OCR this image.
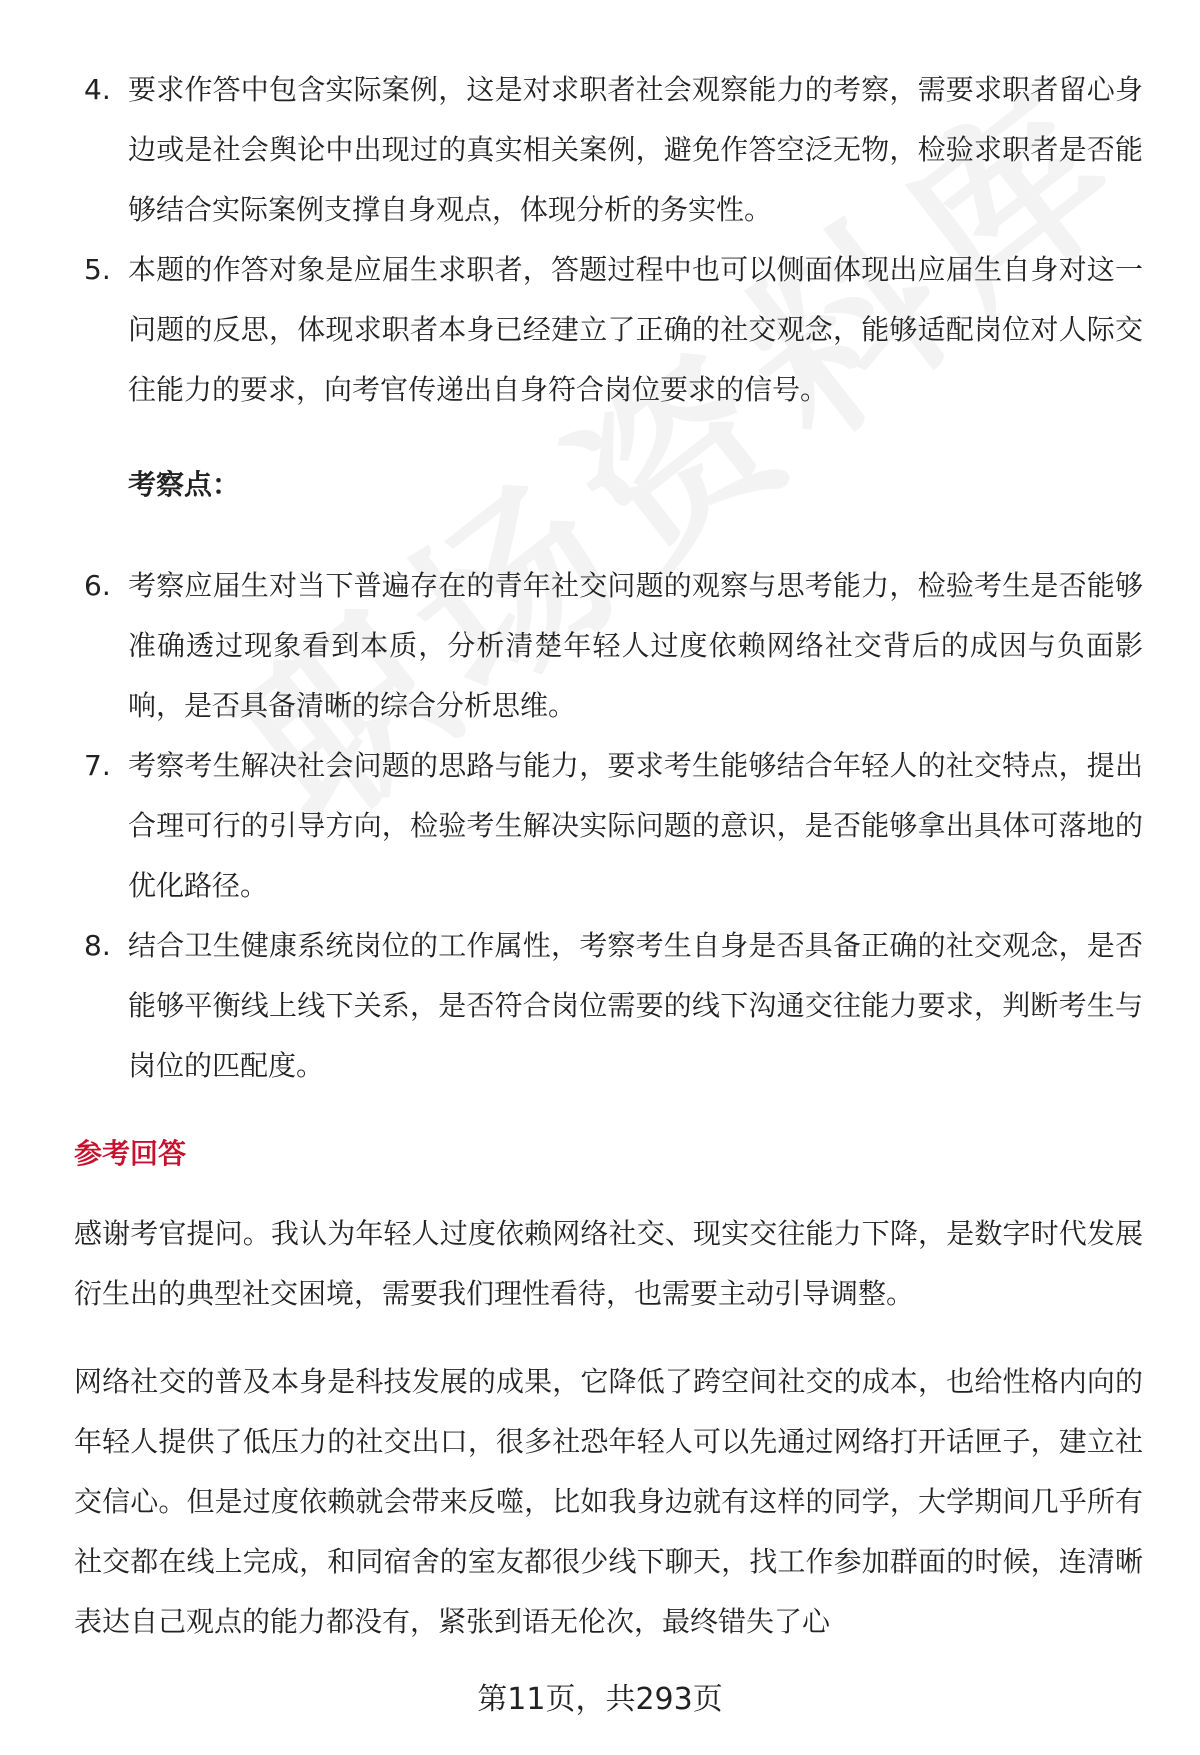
4. 要求作答中包含实际案例，这是对求职者社会观察能力的考察，需要求职者留心身边或是社会舆论中出现过的真实相关案例，避免作答空泛无物，检验求职者是否能够结合实际案例支撑自身观点，体现分析的务实性。
5. 本题的作答对象是应届生求职者，答题过程中也可以侧面体现出应届生自身对这一问题的反思，体现求职者本身已经建立了正确的社交观念，能够适配岗位对人际交往能力的要求，向考官传递出自身符合岗位要求的信号。
考察点：
6. 考察应届生对当下普遍存在的青年社交问题的观察与思考能力，检验考生是否能够准确透过现象看到本质，分析清楚年轻人过度依赖网络社交背后的成因与负面影响，是否具备清晰的综合分析思维。
7. 考察考生解决社会问题的思路与能力，要求考生能够结合年轻人的社交特点，提出合理可行的引导方向，检验考生解决实际问题的意识，是否能够拿出具体可落地的优化路径。
8. 结合卫生健康系统岗位的工作属性，考察考生自身是否具备正确的社交观念，是否能够平衡线上线下关系，是否符合岗位需要的线下沟通交往能力要求，判断考生与岗位的匹配度。
参考回答

感谢考官提问。我认为年轻人过度依赖网络社交、现实交往能力下降，是数字时代发展衍生出的典型社交困境，需要我们理性看待，也需要主动引导调整。

网络社交的普及本身是科技发展的成果，它降低了跨空间社交的成本，也给性格内向的年轻人提供了低压力的社交出口，很多社恐年轻人可以先通过网络打开话匣子，建立社交信心。但是过度依赖就会带来反噬，比如我身边就有这样的同学，大学期间几乎所有社交都在线上完成，和同宿舍的室友都很少线下聊天，找工作参加群面的时候，连清晰表达自己观点的能力都没有，紧张到语无伦次，最终错失了心

第11页，共293页
